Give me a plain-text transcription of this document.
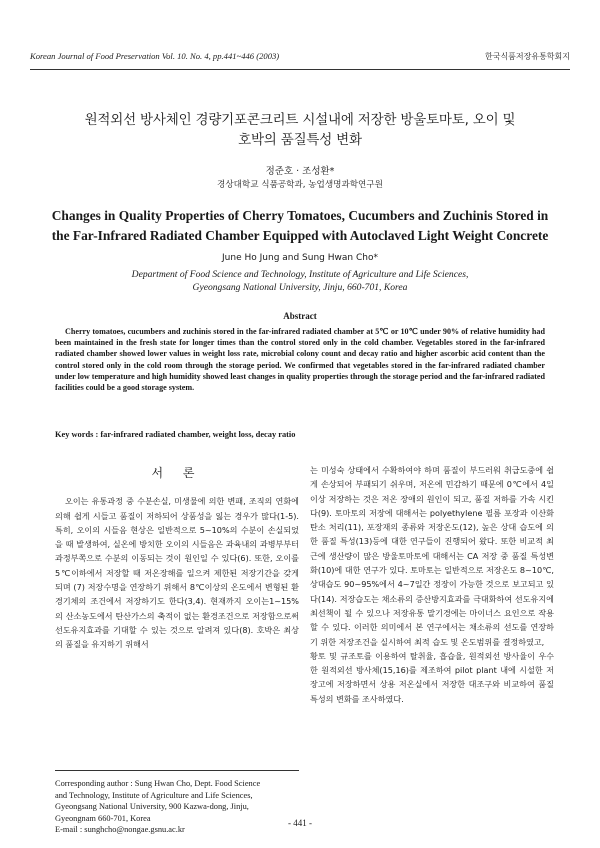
Korean Journal of Food Preservation Vol. 10. No. 4, pp.441~446 (2003)	한국식품저장유통학회지
원적외선 방사체인 경량기포콘크리트 시설내에 저장한 방울토마토, 오이 및
호박의 품질특성 변화
정준호 · 조성환*
경상대학교 식품공학과, 농업생명과학연구원
Changes in Quality Properties of Cherry Tomatoes, Cucumbers and Zuchinis Stored in
the Far-Infrared Radiated Chamber Equipped with Autoclaved Light Weight Concrete
June Ho Jung and Sung Hwan Cho*
Department of Food Science and Technology, Institute of Agriculture and Life Sciences,
Gyeongsang National University, Jinju, 660-701, Korea
Abstract
Cherry tomatoes, cucumbers and zuchinis stored in the far-infrared radiated chamber at 5℃ or 10℃ under 90% of relative humidity had been maintained in the fresh state for longer times than the control stored only in the cold chamber. Vegetables stored in the far-infrared radiated chamber showed lower values in weight loss rate, microbial colony count and decay ratio and higher ascorbic acid content than the control stored only in the cold room through the storage period. We confirmed that vegetables stored in the far-infrared radiated chamber under low temperature and high humidity showed least changes in quality properties through the storage period and the far-infrared radiated facilities could be a good storage system.
Key words : far-infrared radiated chamber, weight loss, decay ratio
서 론

오이는 유통과정 중 수분손실, 미생물에 의한 변패, 조직의 연화에 의해 쉽게 시들고 품질이 저하되어 상품성을 잃는 경우가 많다(1-5). 특히, 오이의 시들음 현상은 일반적으로 5~10%의 수분이 손실되었을 때 발생하여, 실온에 방치한 오이의 시들음은 과육내의 과병부부터 과정부쪽으로 수분의 이동되는 것이 원인일 수 있다(6). 또한, 오이를 5℃이하에서 저장할 때 저온장해를 일으켜 제한된 저장기간을 갖게 되며 (7) 저장수명을 연장하기 위해서 8℃이상의 온도에서 변형된 환경기체의 조건에서 저장하기도 한다(3,4). 현재까지 오이는1~15%의 산소농도에서 탄산가스의 축적이 없는 환경조건으로 저장함으로써 선도유지효과를 기대할 수 있는 것으로 알려져 있다(8). 호박은 최상의 품질을 유지하기 위해서

는 미성숙 상태에서 수확하여야 하며 품질이 부드러워 취급도중에 쉽게 손상되어 부패되기 쉬우며, 저온에 민감하기 때문에 0℃에서 4일이상 저장하는 것은 저온 장애의 원인이 되고, 품질 저하를 가속 시킨다(9). 토마토의 저장에 대해서는 polyethylene 필름 포장과 이산화탄소 처리(11), 포장재의 종류와 저장온도(12), 높은 상대 습도에 의한 품질 특성(13)등에 대한 연구들이 진행되어 왔다. 또한 비교적 최근에 생산량이 많은 방울토마토에 대해서는 CA 저장 중 품질 특성변화(10)에 대한 연구가 있다. 토마토는 일반적으로 저장온도 8~10℃, 상대습도 90~95%에서 4~7일간 정장이 가능한 것으로 보고되고 있다(14). 저장습도는 채소류의 증산방지효과를 극대화하여 선도유지에 최선책이 될 수 있으나 저장유통 말기경에는 마이너스 요인으로 작용할 수 있다. 이러한 의미에서 본 연구에서는 채소류의 선도를 연장하기 위한 저장조건을 실시하여 최적 습도 및 온도범위를 결정하였고,

황토 및 규조토를 이용하여 탈취율, 흡습율, 원적외선 방사율이 우수한 원적외선 방사체(15,16)를 제조하여 pilot plant 내에 시설한 저장고에 저장하면서 상용 저온실에서 저장한 대조구와 비교하여 품질특성의 변화를 조사하였다.

Corresponding author : Sung Hwan Cho, Dept. Food Science
and Technology, Institute of Agriculture and Life Sciences,
Gyeongsang National University, 900 Kazwa-dong, Jinju,
Gyeongnam 660-701, Korea
E-mail : sunghcho@nongae.gsnu.ac.kr
- 441 -
